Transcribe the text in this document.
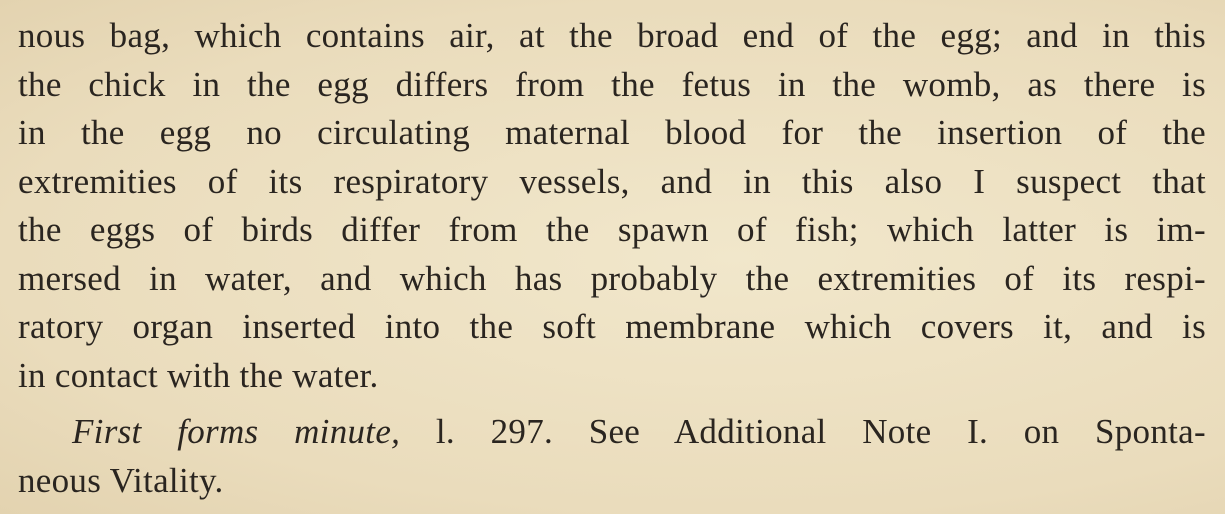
nous bag, which contains air, at the broad end of the egg; and in this
the chick in the egg differs from the fetus in the womb, as there is
in the egg no circulating maternal blood for the insertion of the
extremities of its respiratory vessels, and in this also I suspect that
the eggs of birds differ from the spawn of fish; which latter is im-
mersed in water, and which has probably the extremities of its respi-
ratory organ inserted into the soft membrane which covers it, and is
in contact with the water.
First forms minute, l. 297. See Additional Note I. on Sponta-
neous Vitality.
